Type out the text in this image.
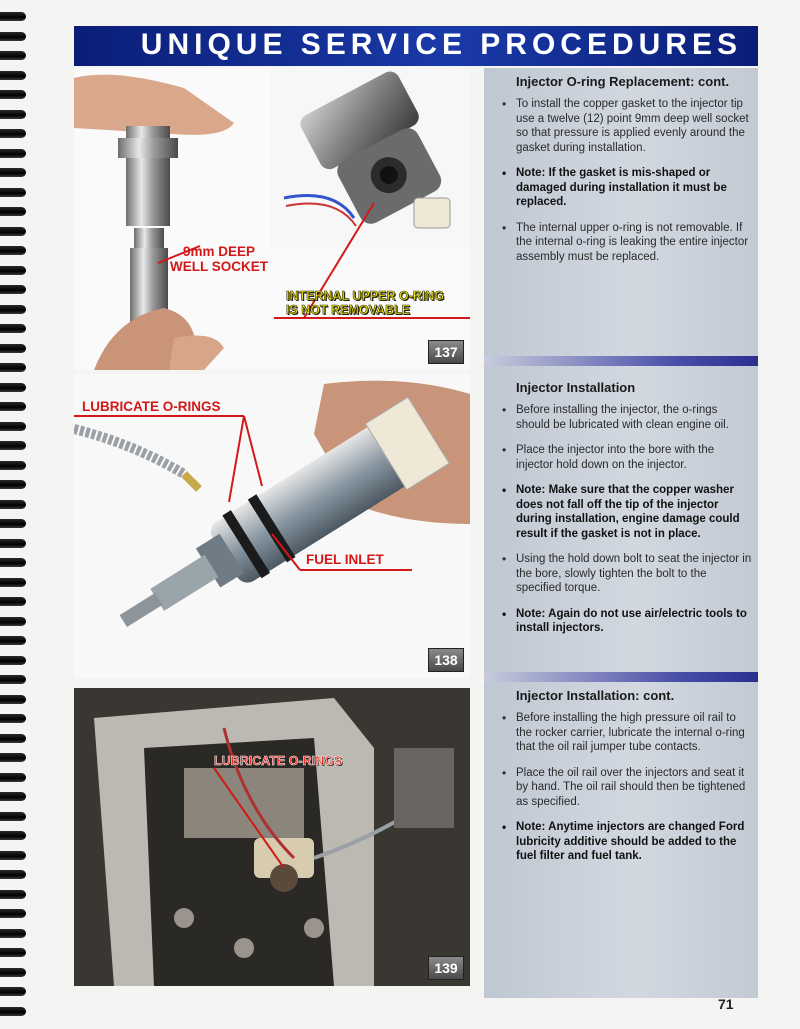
UNIQUE SERVICE PROCEDURES
Injector O-ring Replacement: cont.
• To install the copper gasket to the injector tip use a twelve (12) point 9mm deep well socket so that pressure is applied evenly around the gasket during installation.
• Note: If the gasket is mis-shaped or damaged during installation it must be replaced.
• The internal upper o-ring is not removable. If the internal o-ring is leaking the entire injector assembly must be replaced.
Injector Installation
• Before installing the injector, the o-rings should be lubricated with clean engine oil.
• Place the injector into the bore with the injector hold down on the injector.
• Note: Make sure that the copper washer does not fall off the tip of the injector during installation, engine damage could result if the gasket is not in place.
• Using the hold down bolt to seat the injector in the bore, slowly tighten the bolt to the specified torque.
• Note: Again do not use air/electric tools to install injectors.
Injector Installation: cont.
• Before installing the high pressure oil rail to the rocker carrier, lubricate the internal o-ring that the oil rail jumper tube contacts.
• Place the oil rail over the injectors and seat it by hand. The oil rail should then be tightened as specified.
• Note: Anytime injectors are changed Ford lubricity additive should be added to the fuel filter and fuel tank.
9mm DEEP
WELL SOCKET
INTERNAL UPPER O-RING
IS NOT REMOVABLE
137
LUBRICATE O-RINGS
FUEL INLET
138
LUBRICATE O-RINGS
139
71
